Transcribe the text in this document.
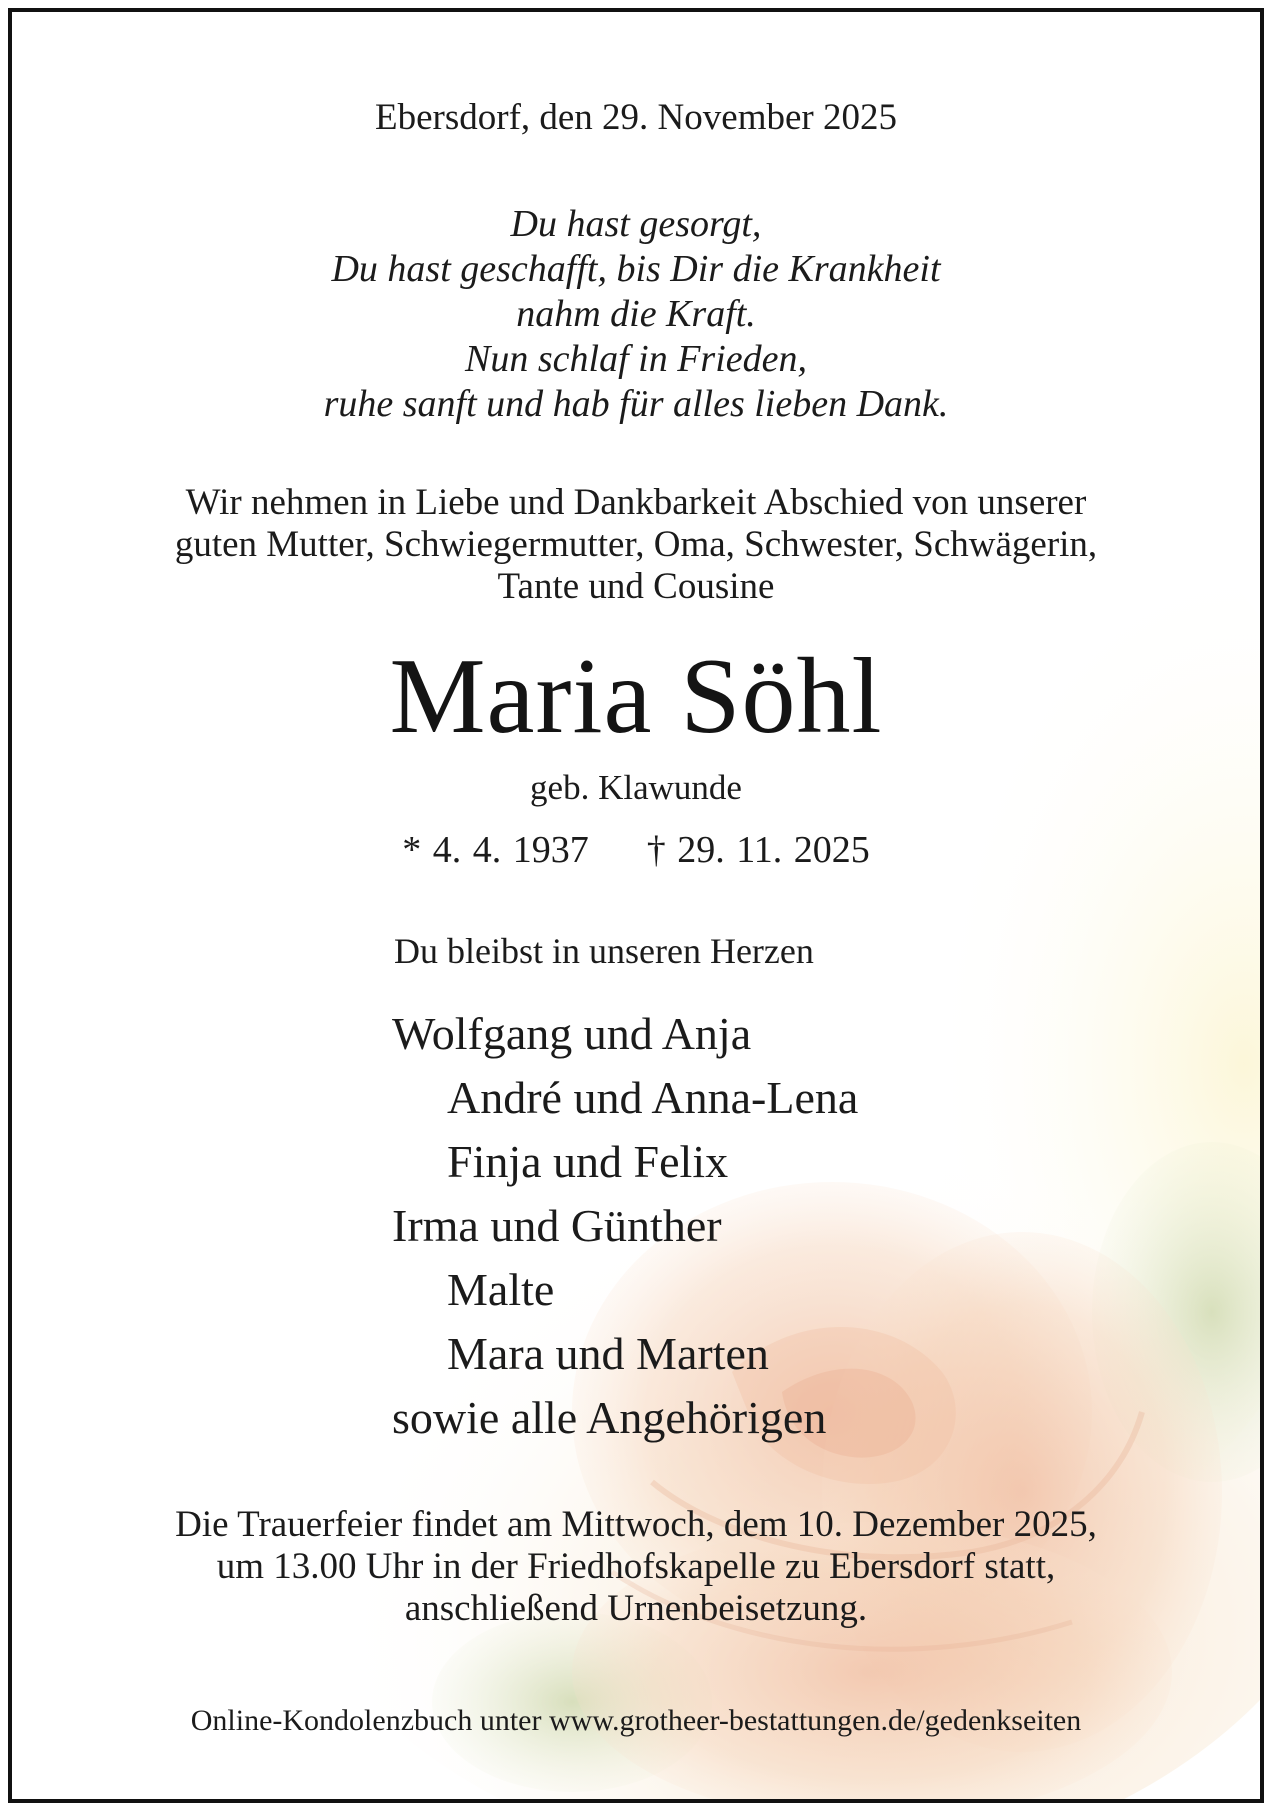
Ebersdorf, den 29. November 2025

Du hast gesorgt,
Du hast geschafft, bis Dir die Krankheit
nahm die Kraft.
Nun schlaf in Frieden,
ruhe sanft und hab für alles lieben Dank.
Wir nehmen in Liebe und Dankbarkeit Abschied von unserer
guten Mutter, Schwiegermutter, Oma, Schwester, Schwägerin,
Tante und Cousine
Maria Söhl

geb. Klawunde

* 4. 4. 1937 † 29. 11. 2025

Du bleibst in unseren Herzen

Wolfgang und Anja
André und Anna-Lena
Finja und Felix
Irma und Günther
Malte
Mara und Marten
sowie alle Angehörigen
Die Trauerfeier findet am Mittwoch, dem 10. Dezember 2025,
um 13.00 Uhr in der Friedhofskapelle zu Ebersdorf statt,
anschließend Urnenbeisetzung.

Online-Kondolenzbuch unter www.grotheer-bestattungen.de/gedenkseiten
